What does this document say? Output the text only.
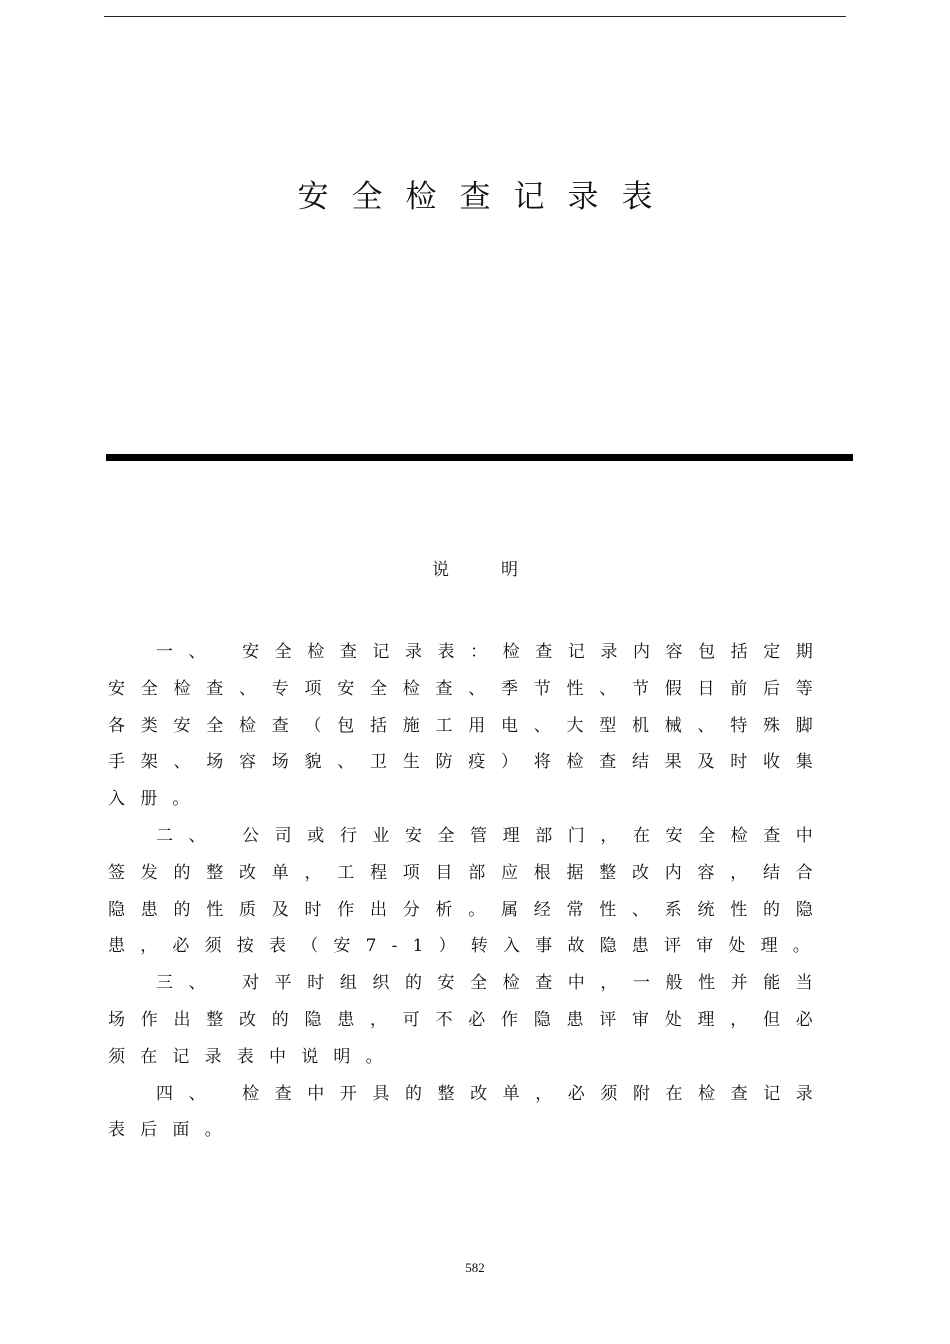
安全检查记录表
说	明

一、 安全检查记录表：检查记录内容包括定期安全检查、专项安全检查、季节性、节假日前后等各类安全检查（包括施工用电、大型机械、特殊脚手架、场容场貌、卫生防疫）将检查结果及时收集入册。

二、 公司或行业安全管理部门，在安全检查中签发的整改单，工程项目部应根据整改内容，结合隐患的性质及时作出分析。属经常性、系统性的隐患，必须按表（安7-1）转入事故隐患评审处理。

三、 对平时组织的安全检查中，一般性并能当场作出整改的隐患，可不必作隐患评审处理，但必须在记录表中说明。

四、 检查中开具的整改单，必须附在检查记录表后面。

582
